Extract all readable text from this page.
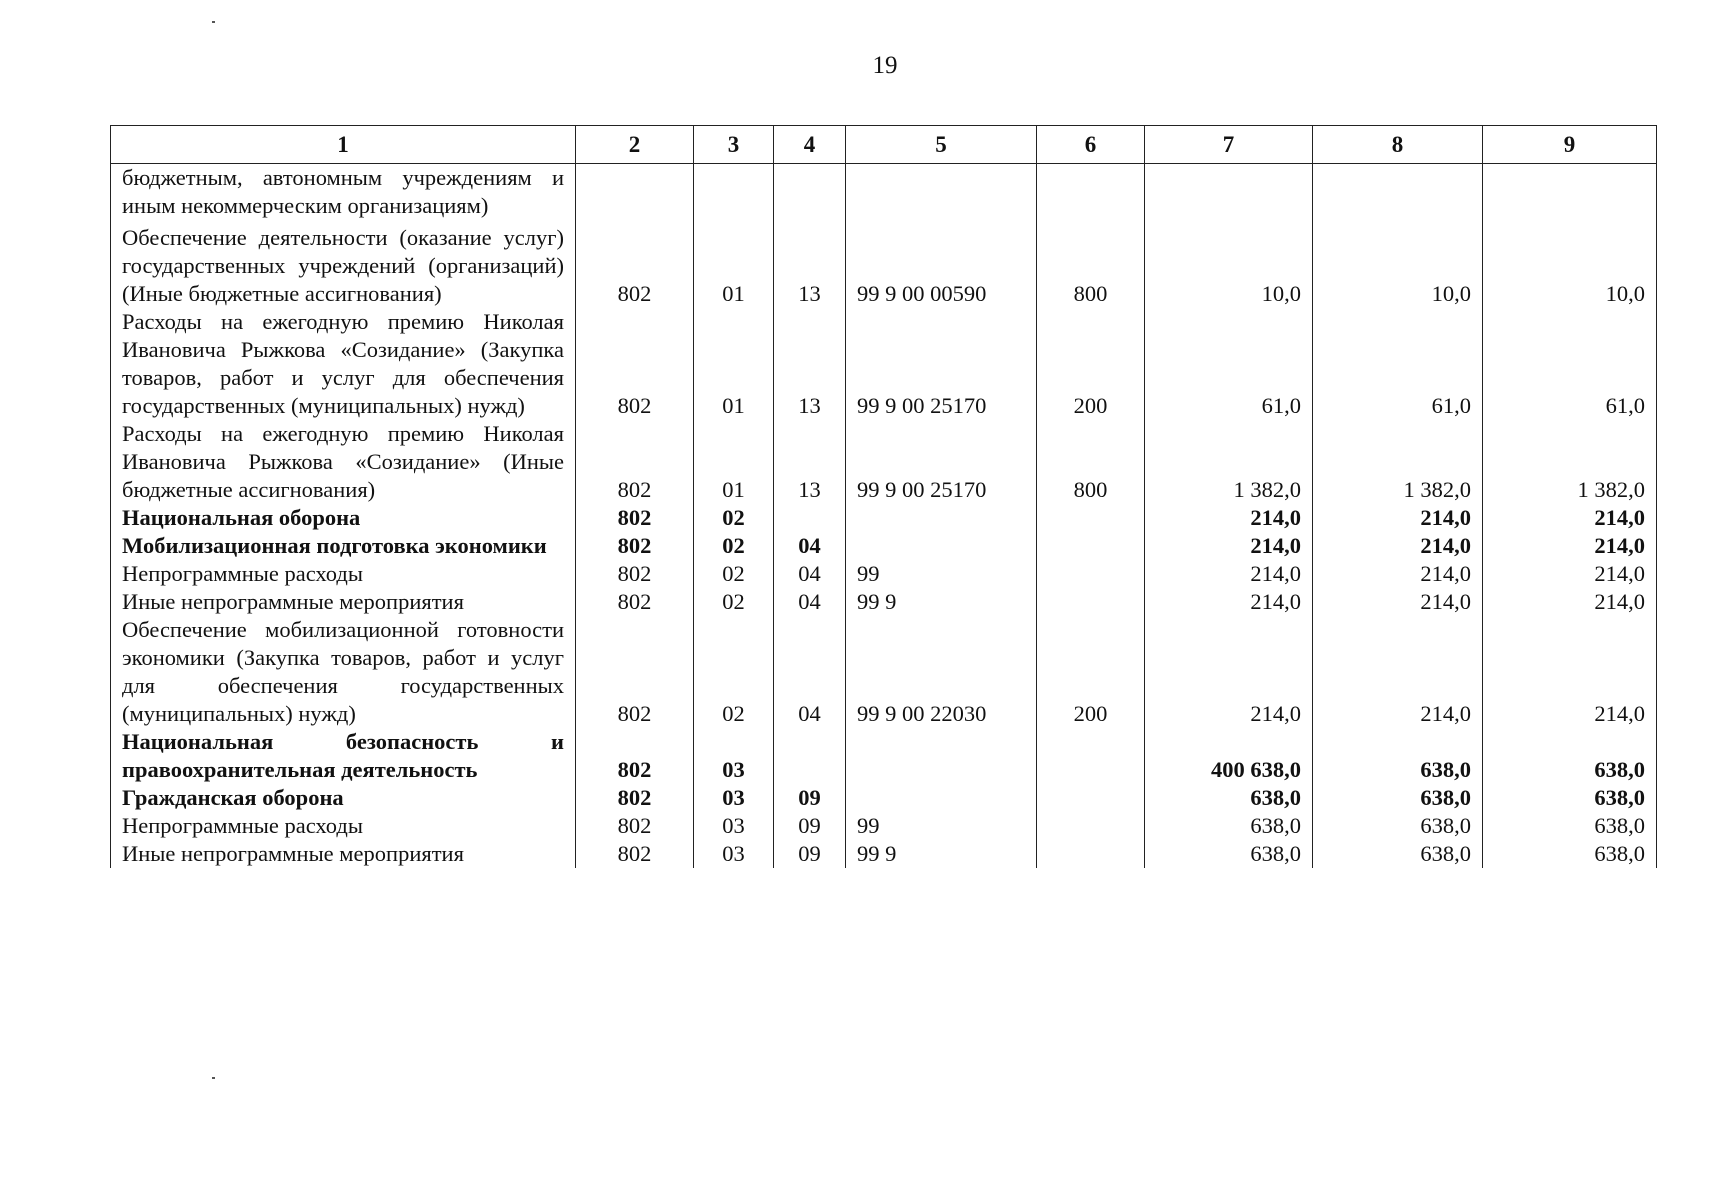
19
1	2	3	4	5	6	7	8	9
бюджетным, автономным учреждениям и иным некоммерческим организациям)								
Обеспечение деятельности (оказание услуг) государственных учреждений (организаций) (Иные бюджетные ассигнования)	802	01	13	99 9 00 00590	800	10,0	10,0	10,0
Расходы на ежегодную премию Николая Ивановича Рыжкова «Созидание» (Закупка товаров, работ и услуг для обеспечения государственных (муниципальных) нужд)	802	01	13	99 9 00 25170	200	61,0	61,0	61,0
Расходы на ежегодную премию Николая Ивановича Рыжкова «Созидание» (Иные бюджетные ассигнования)	802	01	13	99 9 00 25170	800	1 382,0	1 382,0	1 382,0
Национальная оборона	802	02				214,0	214,0	214,0
Мобилизационная подготовка экономики	802	02	04			214,0	214,0	214,0
Непрограммные расходы	802	02	04	99		214,0	214,0	214,0
Иные непрограммные мероприятия	802	02	04	99 9		214,0	214,0	214,0
Обеспечение мобилизационной готовности экономики (Закупка товаров, работ и услуг для обеспечения государственных (муниципальных) нужд)	802	02	04	99 9 00 22030	200	214,0	214,0	214,0
Национальная безопасность и правоохранительная деятельность	802	03				400 638,0	638,0	638,0
Гражданская оборона	802	03	09			638,0	638,0	638,0
Непрограммные расходы	802	03	09	99		638,0	638,0	638,0
Иные непрограммные мероприятия	802	03	09	99 9		638,0	638,0	638,0
